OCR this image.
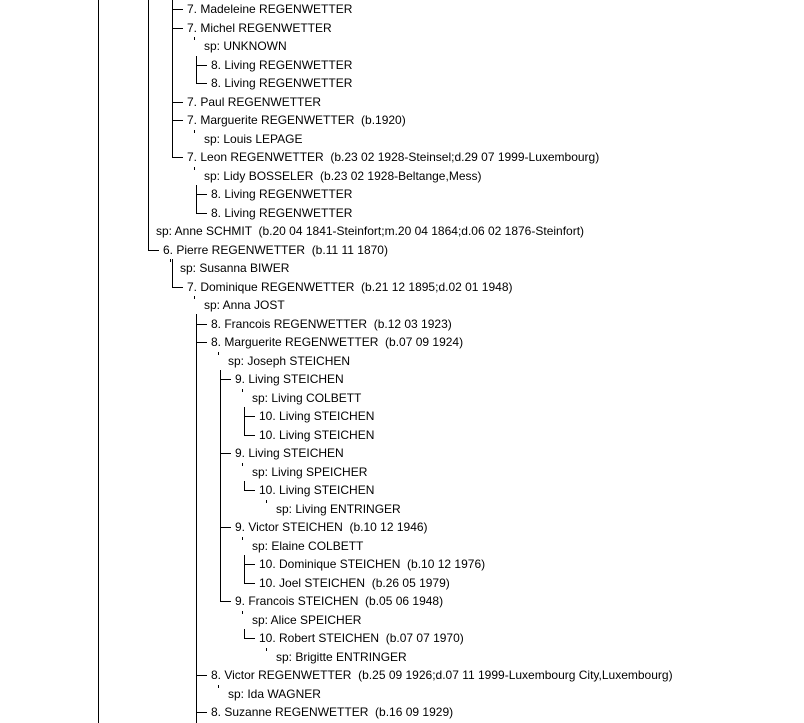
7. Madeleine REGENWETTER
7. Michel REGENWETTER
sp: UNKNOWN
8. Living REGENWETTER
8. Living REGENWETTER
7. Paul REGENWETTER
7. Marguerite REGENWETTER  (b.1920)
sp: Louis LEPAGE
7. Leon REGENWETTER  (b.23 02 1928-Steinsel;d.29 07 1999-Luxembourg)
sp: Lidy BOSSELER  (b.23 02 1928-Beltange,Mess)
8. Living REGENWETTER
8. Living REGENWETTER
sp: Anne SCHMIT  (b.20 04 1841-Steinfort;m.20 04 1864;d.06 02 1876-Steinfort)
6. Pierre REGENWETTER  (b.11 11 1870)
sp: Susanna BIWER
7. Dominique REGENWETTER  (b.21 12 1895;d.02 01 1948)
sp: Anna JOST
8. Francois REGENWETTER  (b.12 03 1923)
8. Marguerite REGENWETTER  (b.07 09 1924)
sp: Joseph STEICHEN
9. Living STEICHEN
sp: Living COLBETT
10. Living STEICHEN
10. Living STEICHEN
9. Living STEICHEN
sp: Living SPEICHER
10. Living STEICHEN
sp: Living ENTRINGER
9. Victor STEICHEN  (b.10 12 1946)
sp: Elaine COLBETT
10. Dominique STEICHEN  (b.10 12 1976)
10. Joel STEICHEN  (b.26 05 1979)
9. Francois STEICHEN  (b.05 06 1948)
sp: Alice SPEICHER
10. Robert STEICHEN  (b.07 07 1970)
sp: Brigitte ENTRINGER
8. Victor REGENWETTER  (b.25 09 1926;d.07 11 1999-Luxembourg City,Luxembourg)
sp: Ida WAGNER
8. Suzanne REGENWETTER  (b.16 09 1929)
